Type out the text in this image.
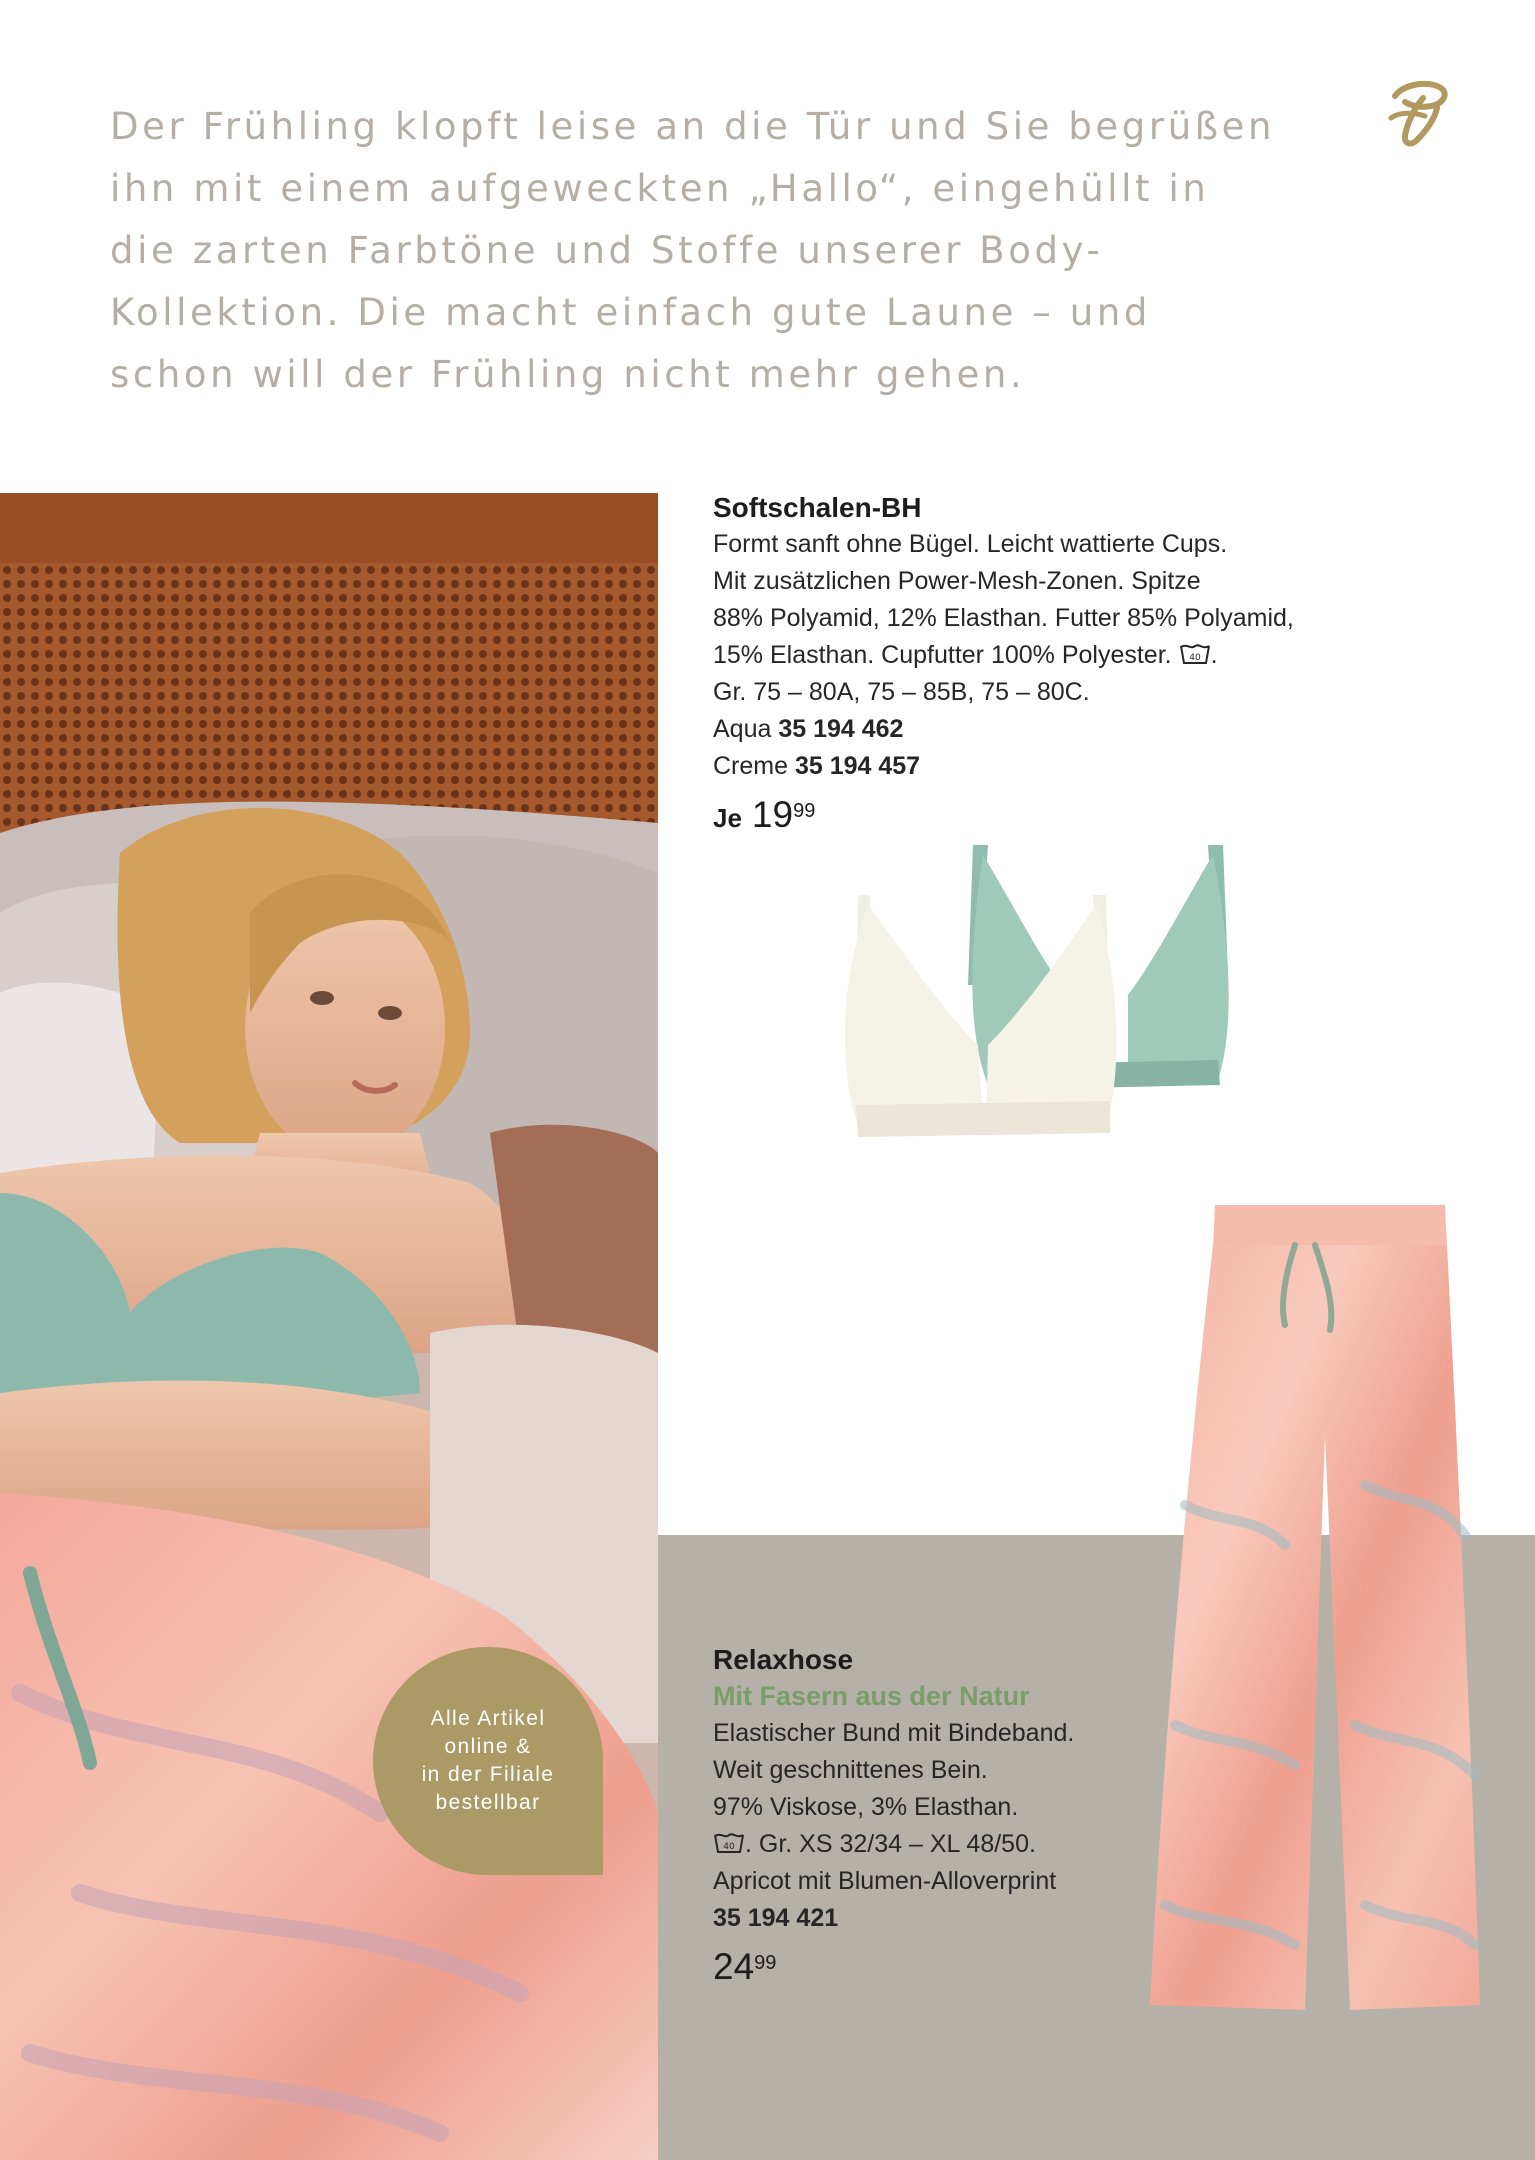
Der Frühling klopft leise an die Tür und Sie begrüßen ihn mit einem aufgeweckten „Hallo“, eingehüllt in die zarten Farbtöne und Stoffe unserer Body-Kollektion. Die macht einfach gute Laune – und schon will der Frühling nicht mehr gehen.

Alle Artikel
online &
in der Filiale
bestellbar

Softschalen-BH

Formt sanft ohne Bügel. Leicht wattierte Cups.

Mit zusätzlichen Power-Mesh-Zonen. Spitze

88% Polyamid, 12% Elasthan. Futter 85% Polyamid,

15% Elasthan. Cupfutter 100% Polyester. 40 .

Gr. 75 – 80A, 75 – 85B, 75 – 80C.

Aqua 35 194 462

Creme 35 194 457

Je $19^{99}$

Relaxhose

Mit Fasern aus der Natur

Elastischer Bund mit Bindeband.

Weit geschnittenes Bein.

97% Viskose, 3% Elasthan.

40 . Gr. XS 32/34 – XL 48/50.

Apricot mit Blumen-Alloverprint

35 194 421

$24^{99}$
